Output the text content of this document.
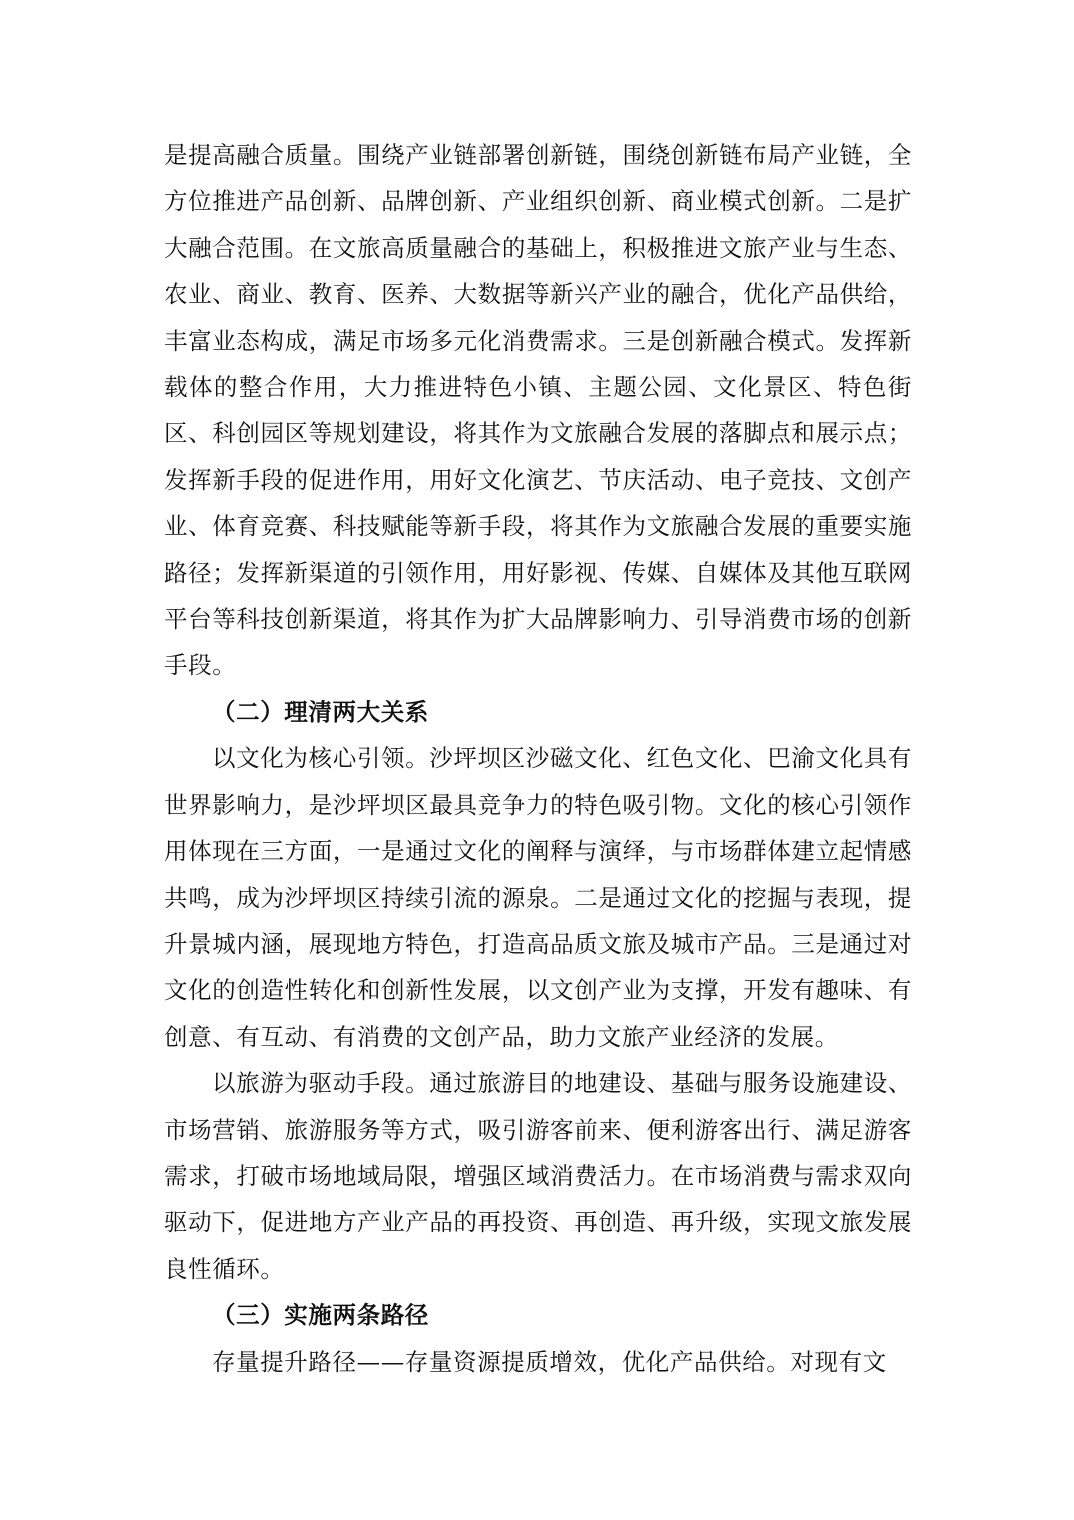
是提高融合质量。围绕产业链部署创新链，围绕创新链布局产业链，全方位推进产品创新、品牌创新、产业组织创新、商业模式创新。二是扩大融合范围。在文旅高质量融合的基础上，积极推进文旅产业与生态、农业、商业、教育、医养、大数据等新兴产业的融合，优化产品供给，丰富业态构成，满足市场多元化消费需求。三是创新融合模式。发挥新载体的整合作用，大力推进特色小镇、主题公园、文化景区、特色街区、科创园区等规划建设，将其作为文旅融合发展的落脚点和展示点；发挥新手段的促进作用，用好文化演艺、节庆活动、电子竞技、文创产业、体育竞赛、科技赋能等新手段，将其作为文旅融合发展的重要实施路径；发挥新渠道的引领作用，用好影视、传媒、自媒体及其他互联网平台等科技创新渠道，将其作为扩大品牌影响力、引导消费市场的创新手段。

（二）理清两大关系

以文化为核心引领。沙坪坝区沙磁文化、红色文化、巴渝文化具有世界影响力，是沙坪坝区最具竞争力的特色吸引物。文化的核心引领作用体现在三方面，一是通过文化的阐释与演绎，与市场群体建立起情感共鸣，成为沙坪坝区持续引流的源泉。二是通过文化的挖掘与表现，提升景城内涵，展现地方特色，打造高品质文旅及城市产品。三是通过对文化的创造性转化和创新性发展，以文创产业为支撑，开发有趣味、有创意、有互动、有消费的文创产品，助力文旅产业经济的发展。

以旅游为驱动手段。通过旅游目的地建设、基础与服务设施建设、市场营销、旅游服务等方式，吸引游客前来、便利游客出行、满足游客需求，打破市场地域局限，增强区域消费活力。在市场消费与需求双向驱动下，促进地方产业产品的再投资、再创造、再升级，实现文旅发展良性循环。

（三）实施两条路径

存量提升路径——存量资源提质增效，优化产品供给。对现有文
